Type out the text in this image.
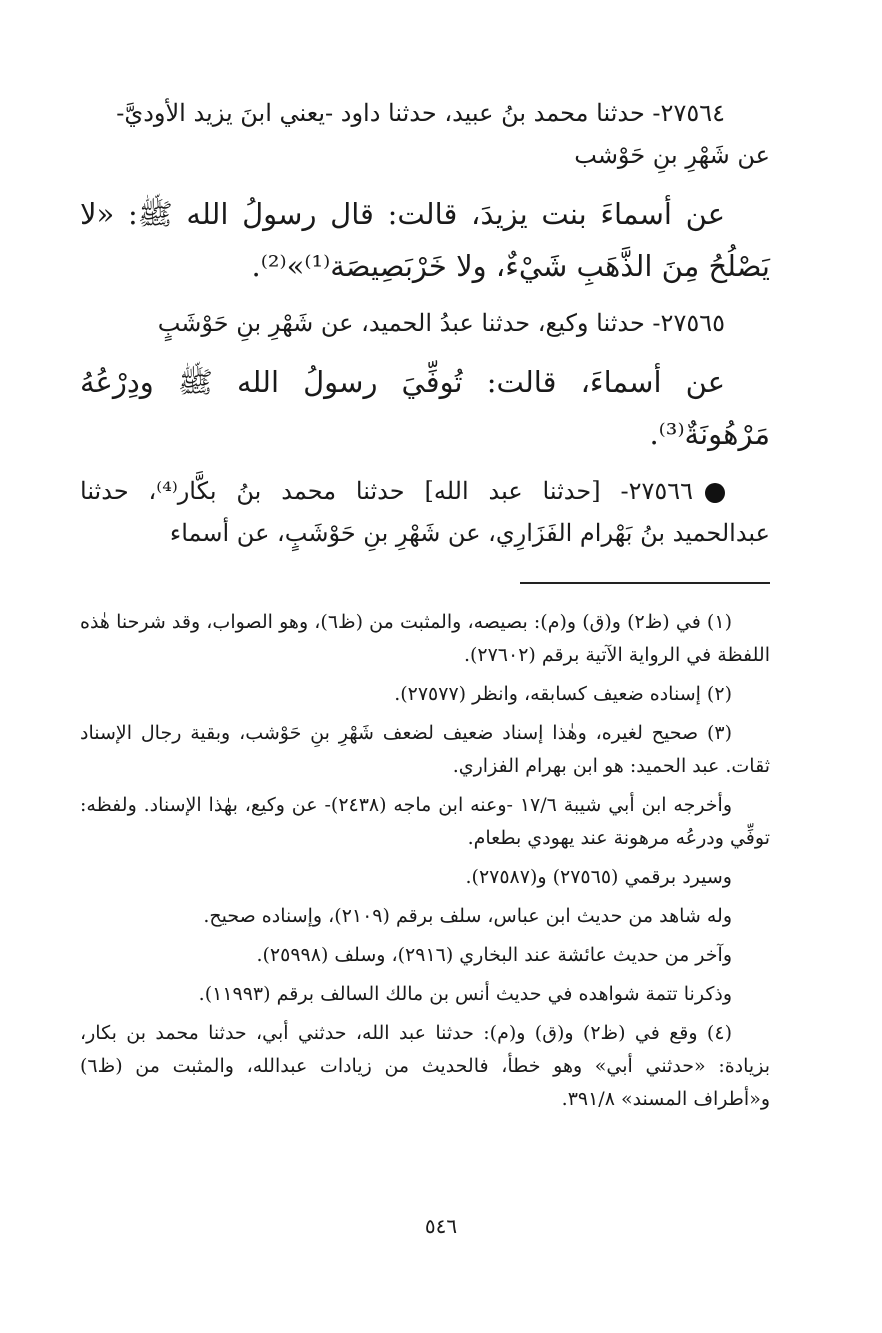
٢٧٥٦٤- حدثنا محمد بنُ عبيد، حدثنا داود -يعني ابنَ يزيد الأوديَّ-

عن شَهْرِ بنِ حَوْشب

عن أسماءَ بنت يزيدَ، قالت: قال رسولُ الله ﷺ: «لا يَصْلُحُ مِنَ الذَّهَبِ شَيْءٌ، ولا خَرْبَصِيصَة⁽¹⁾»⁽²⁾.

٢٧٥٦٥- حدثنا وكيع، حدثنا عبدُ الحميد، عن شَهْرِ بنِ حَوْشَبٍ

عن أسماءَ، قالت: تُوفِّيَ رسولُ الله ﷺ ودِرْعُهُ مَرْهُونَةٌ⁽³⁾.

٢٧٥٦٦- [حدثنا عبد الله] حدثنا محمد بنُ بكَّار⁽⁴⁾، حدثنا عبدالحميد بنُ بَهْرام الفَزَارِي، عن شَهْرِ بنِ حَوْشَبٍ، عن أسماء

(١) في (ظ٢) و(ق) و(م): بصيصه، والمثبت من (ظ٦)، وهو الصواب، وقد شرحنا هٰذه اللفظة في الرواية الآتية برقم (٢٧٦٠٢).

(٢) إسناده ضعيف كسابقه، وانظر (٢٧٥٧٧).

(٣) صحيح لغيره، وهٰذا إسناد ضعيف لضعف شَهْرِ بنِ حَوْشب، وبقية رجال الإسناد ثقات. عبد الحميد: هو ابن بهرام الفزاري.

وأخرجه ابن أبي شيبة ١٧/٦ -وعنه ابن ماجه (٢٤٣٨)- عن وكيع، بهٰذا الإسناد. ولفظه: توفِّي ودرعُه مرهونة عند يهودي بطعام.

وسيرد برقمي (٢٧٥٦٥) و(٢٧٥٨٧).

وله شاهد من حديث ابن عباس، سلف برقم (٢١٠٩)، وإسناده صحيح.

وآخر من حديث عائشة عند البخاري (٢٩١٦)، وسلف (٢٥٩٩٨).

وذكرنا تتمة شواهده في حديث أنس بن مالك السالف برقم (١١٩٩٣).

(٤) وقع في (ظ٢) و(ق) و(م): حدثنا عبد الله، حدثني أبي، حدثنا محمد بن بكار، بزيادة: «حدثني أبي» وهو خطأ، فالحديث من زيادات عبدالله، والمثبت من (ظ٦) و«أطراف المسند» ٣٩١/٨.

٥٤٦
